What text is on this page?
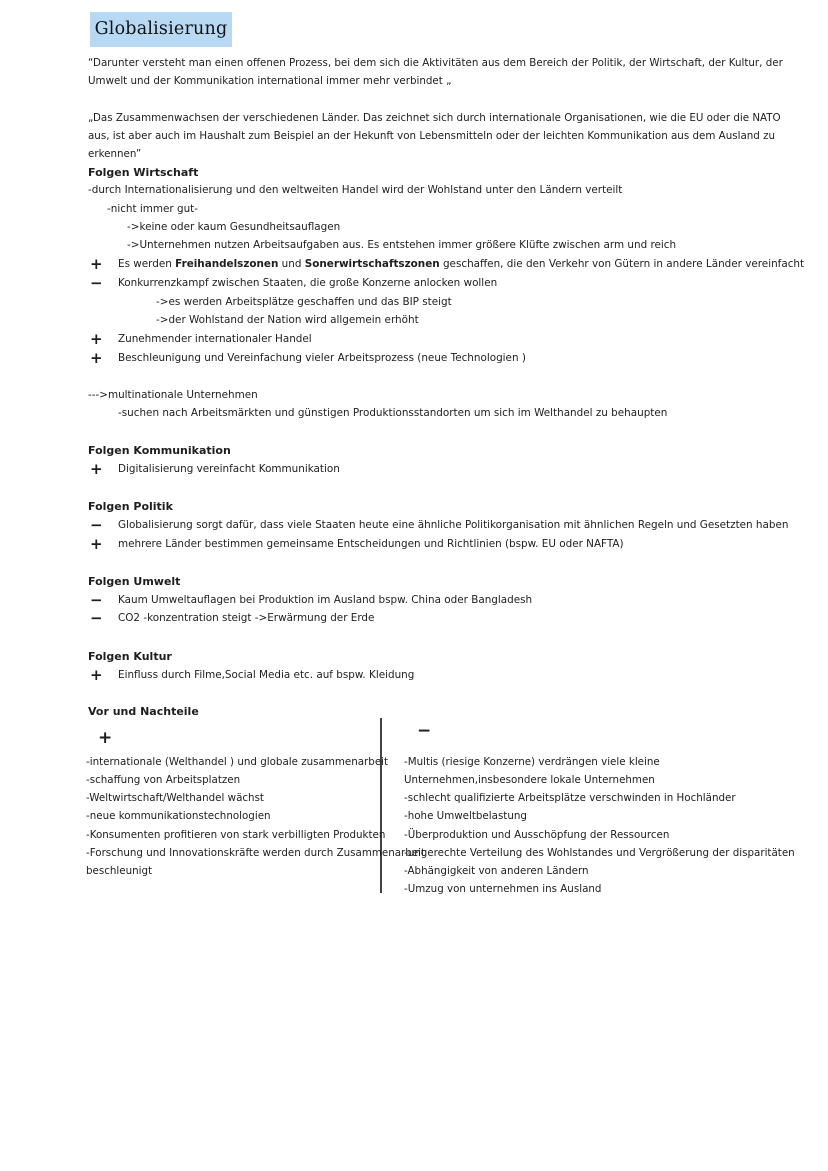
Globalisierung
“Darunter versteht man einen offenen Prozess, bei dem sich die Aktivitäten aus dem Bereich der Politik, der Wirtschaft, der Kultur, der Umwelt und der Kommunikation international immer mehr verbindet „
„Das Zusammenwachsen der verschiedenen Länder. Das zeichnet sich durch internationale Organisationen, wie die EU oder die NATO aus, ist aber auch im Haushalt zum Beispiel an der Hekunft von Lebensmitteln oder der leichten Kommunikation aus dem Ausland zu erkennen”
Folgen Wirtschaft
-durch Internationalisierung und den weltweiten Handel wird der Wohlstand unter den Ländern verteilt
-nicht immer gut-
->keine oder kaum Gesundheitsauflagen
->Unternehmen nutzen Arbeitsaufgaben aus. Es entstehen immer größere Klüfte zwischen arm und reich
+ Es werden Freihandelszonen und Sonerwirtschaftszonen geschaffen, die den Verkehr von Gütern in andere Länder vereinfacht
− Konkurrenzkampf zwischen Staaten, die große Konzerne anlocken wollen
->es werden Arbeitsplätze geschaffen und das BIP steigt
->der Wohlstand der Nation wird allgemein erhöht
+ Zunehmender internationaler Handel
+ Beschleunigung und Vereinfachung vieler Arbeitsprozess (neue Technologien )
--->multinationale Unternehmen
-suchen nach Arbeitsmärkten und günstigen Produktionsstandorten um sich im Welthandel zu behaupten
Folgen Kommunikation
+ Digitalisierung vereinfacht Kommunikation
Folgen Politik
− Globalisierung sorgt dafür, dass viele Staaten heute eine ähnliche Politikorganisation mit ähnlichen Regeln und Gesetzten haben
+ mehrere Länder bestimmen gemeinsame Entscheidungen und Richtlinien (bspw. EU oder NAFTA)
Folgen Umwelt
− Kaum Umweltauflagen bei Produktion im Ausland bspw. China oder Bangladesh
− CO2 -konzentration steigt ->Erwärmung der Erde
Folgen Kultur
+ Einfluss durch Filme,Social Media etc. auf bspw. Kleidung
Vor und Nachteile
+	−
-internationale (Welthandel ) und globale zusammenarbeit
-schaffung von Arbeitsplatzen
-Weltwirtschaft/Welthandel wächst
-neue kommunikationstechnologien
-Konsumenten profitieren von stark verbilligten Produkten
-Forschung und Innovationskräfte werden durch Zusammenarbeit
beschleunigt
-Multis (riesige Konzerne) verdrängen viele kleine
Unternehmen,insbesondere lokale Unternehmen
-schlecht qualifizierte Arbeitsplätze verschwinden in Hochländer
-hohe Umweltbelastung
-Überproduktion und Ausschöpfung der Ressourcen
-ungerechte Verteilung des Wohlstandes und Vergrößerung der disparitäten
-Abhängigkeit von anderen Ländern
-Umzug von unternehmen ins Ausland
